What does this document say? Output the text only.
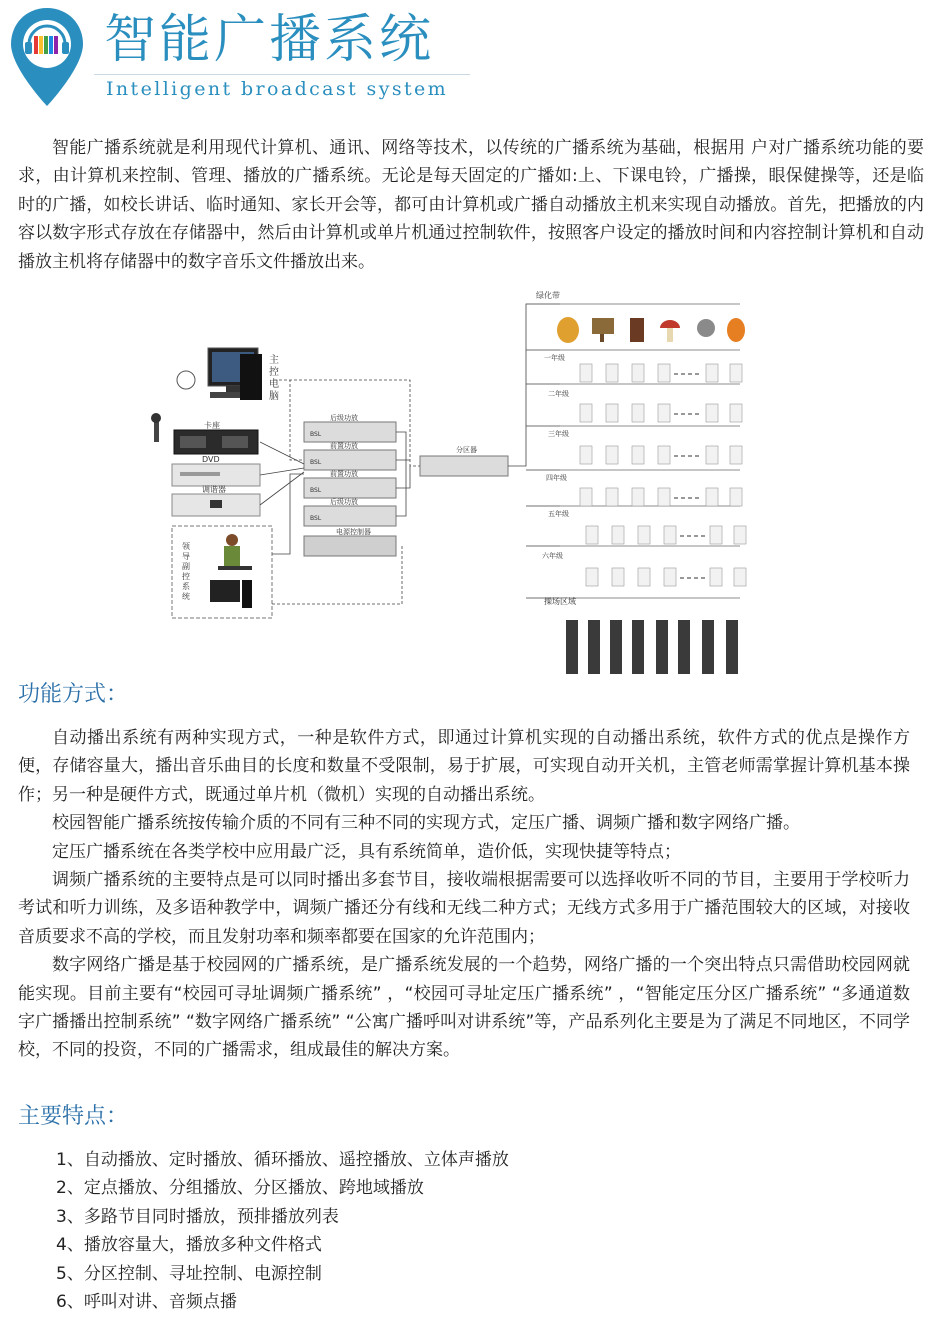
智能广播系统
Intelligent broadcast system

智能广播系统就是利用现代计算机、通讯、网络等技术，以传统的广播系统为基础，根据用 户对广播系统功能的要求，由计算机来控制、管理、播放的广播系统。无论是每天固定的广播如:上、下课电铃，广播操，眼保健操等，还是临时的广播，如校长讲话、临时通知、家长开会等，都可由计算机或广播自动播放主机来实现自动播放。首先，把播放的内容以数字形式存放在存储器中，然后由计算机或单片机通过控制软件，按照客户设定的播放时间和内容控制计算机和自动播放主机将存储器中的数字音乐文件播放出来。

主控电脑
卡座
DVD
调谐器
领导副控系统
BSL
BSL
BSL
BSL
后级功放
前置功放
前置功放
后级功放
电源控制器
分区器
绿化带
一年级
二年级
三年级
四年级
五年级
六年级
操场区域
功能方式：

自动播出系统有两种实现方式，一种是软件方式，即通过计算机实现的自动播出系统，软件方式的优点是操作方便，存储容量大，播出音乐曲目的长度和数量不受限制，易于扩展，可实现自动开关机，主管老师需掌握计算机基本操作；另一种是硬件方式，既通过单片机（微机）实现的自动播出系统。

校园智能广播系统按传输介质的不同有三种不同的实现方式，定压广播、调频广播和数字网络广播。

定压广播系统在各类学校中应用最广泛，具有系统简单，造价低，实现快捷等特点；

调频广播系统的主要特点是可以同时播出多套节目，接收端根据需要可以选择收听不同的节目，主要用于学校听力考试和听力训练，及多语种教学中，调频广播还分有线和无线二种方式；无线方式多用于广播范围较大的区域，对接收音质要求不高的学校，而且发射功率和频率都要在国家的允许范围内；

数字网络广播是基于校园网的广播系统，是广播系统发展的一个趋势，网络广播的一个突出特点只需借助校园网就能实现。目前主要有“校园可寻址调频广播系统” ，“校园可寻址定压广播系统” ，“智能定压分区广播系统” “多通道数字广播播出控制系统” “数字网络广播系统” “公寓广播呼叫对讲系统”等，产品系列化主要是为了满足不同地区，不同学校，不同的投资，不同的广播需求，组成最佳的解决方案。

主要特点：
1、自动播放、定时播放、循环播放、遥控播放、立体声播放
2、定点播放、分组播放、分区播放、跨地域播放
3、多路节目同时播放，预排播放列表
4、播放容量大，播放多种文件格式
5、分区控制、寻址控制、电源控制
6、呼叫对讲、音频点播
